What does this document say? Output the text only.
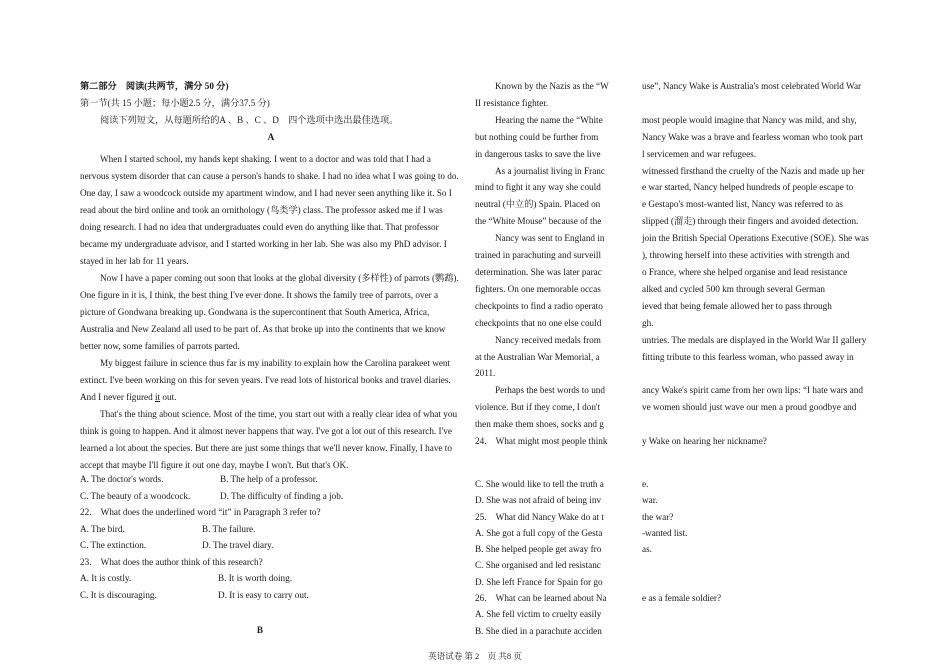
第二部分　阅读(共两节，满分 50 分)

第一节(共 15 小题；每小题2.5 分，满分37.5 分)

阅读下列短文，从每题所给的A 、B 、C 、D　四个选项中选出最佳选项。

A

When I started school, my hands kept shaking. I went to a doctor and was told that I had a nervous system disorder that can cause a person's hands to shake. I had no idea what I was going to do. One day, I saw a woodcock outside my apartment window, and I had never seen anything like it. So I read about the bird online and took an ornithology (鸟类学) class. The professor asked me if I was doing research. I had no idea that undergraduates could even do anything like that. That professor became my undergraduate advisor, and I started working in her lab. She was also my PhD advisor. I stayed in her lab for 11 years.

Now I have a paper coming out soon that looks at the global diversity (多样性) of parrots (鹦鹉). One figure in it is, I think, the best thing I've ever done. It shows the family tree of parrots, over a picture of Gondwana breaking up. Gondwana is the supercontinent that South America, Africa, Australia and New Zealand all used to be part of. As that broke up into the continents that we know better now, some families of parrots parted.

My biggest failure in science thus far is my inability to explain how the Carolina parakeet went extinct. I've been working on this for seven years. I've read lots of historical books and travel diaries. And I never figured it out.

That's the thing about science. Most of the time, you start out with a really clear idea of what you think is going to happen. And it almost never happens that way. I've got a lot out of this research. I've learned a lot about the species. But there are just some things that we'll never know. Finally, I have to accept that maybe I'll figure it out one day, maybe I won't. But that's OK.

A. The doctor's words.	B. The help of a professor.
C. The beauty of a woodcock.	D. The difficulty of finding a job.

22.　What does the underlined word “it” in Paragraph 3 refer to?

A. The bird.	B. The failure.
C. The extinction.	D. The travel diary.

23.　What does the author think of this research?

A. It is costly.	B. It is worth doing.
C. It is discouraging.	D. It is easy to carry out.
B

Known by the Nazis as the “W

II resistance fighter.

Hearing the name the “White

but nothing could be further from

in dangerous tasks to save the live

As a journalist living in Franc

mind to fight it any way she could

neutral (中立的) Spain. Placed on

the “White Mouse” because of the

Nancy was sent to England in

trained in parachuting and surveill

determination. She was later parac

fighters. On one memorable occas

checkpoints to find a radio operato

checkpoints that no one else could

Nancy received medals from

at the Australian War Memorial, a

2011.

Perhaps the best words to und

violence. But if they come, I don't

then make them shoes, socks and g

24.　What might most people think

use”, Nancy Wake is Australia's most celebrated World War

most people would imagine that Nancy was mild, and shy,

Nancy Wake was a brave and fearless woman who took part

l servicemen and war refugees.

witnessed firsthand the cruelty of the Nazis and made up her

e war started, Nancy helped hundreds of people escape to

e Gestapo's most-wanted list, Nancy was referred to as

slipped (溜走) through their fingers and avoided detection.

join the British Special Operations Executive (SOE). She was

), throwing herself into these activities with strength and

o France, where she helped organise and lead resistance

alked and cycled 500 km through several German

ieved that being female allowed her to pass through

gh.

untries. The medals are displayed in the World War II gallery

fitting tribute to this fearless woman, who passed away in

ancy Wake's spirit came from her own lips: “I hate wars and

ve women should just wave our men a proud goodbye and

y Wake on hearing her nickname?

C. She would like to tell the truth a

D. She was not afraid of being inv

25.　What did Nancy Wake do at t

A. She got a full copy of the Gesta

B. She helped people get away fro

C. She organised and led resistanc

D. She left France for Spain for go

26.　What can be learned about Na

A. She fell victim to cruelty easily

B. She died in a parachute acciden

e.

war.

the war?

-wanted list.

as.

e as a female soldier?

英语试卷 第 2　页 共8 页
